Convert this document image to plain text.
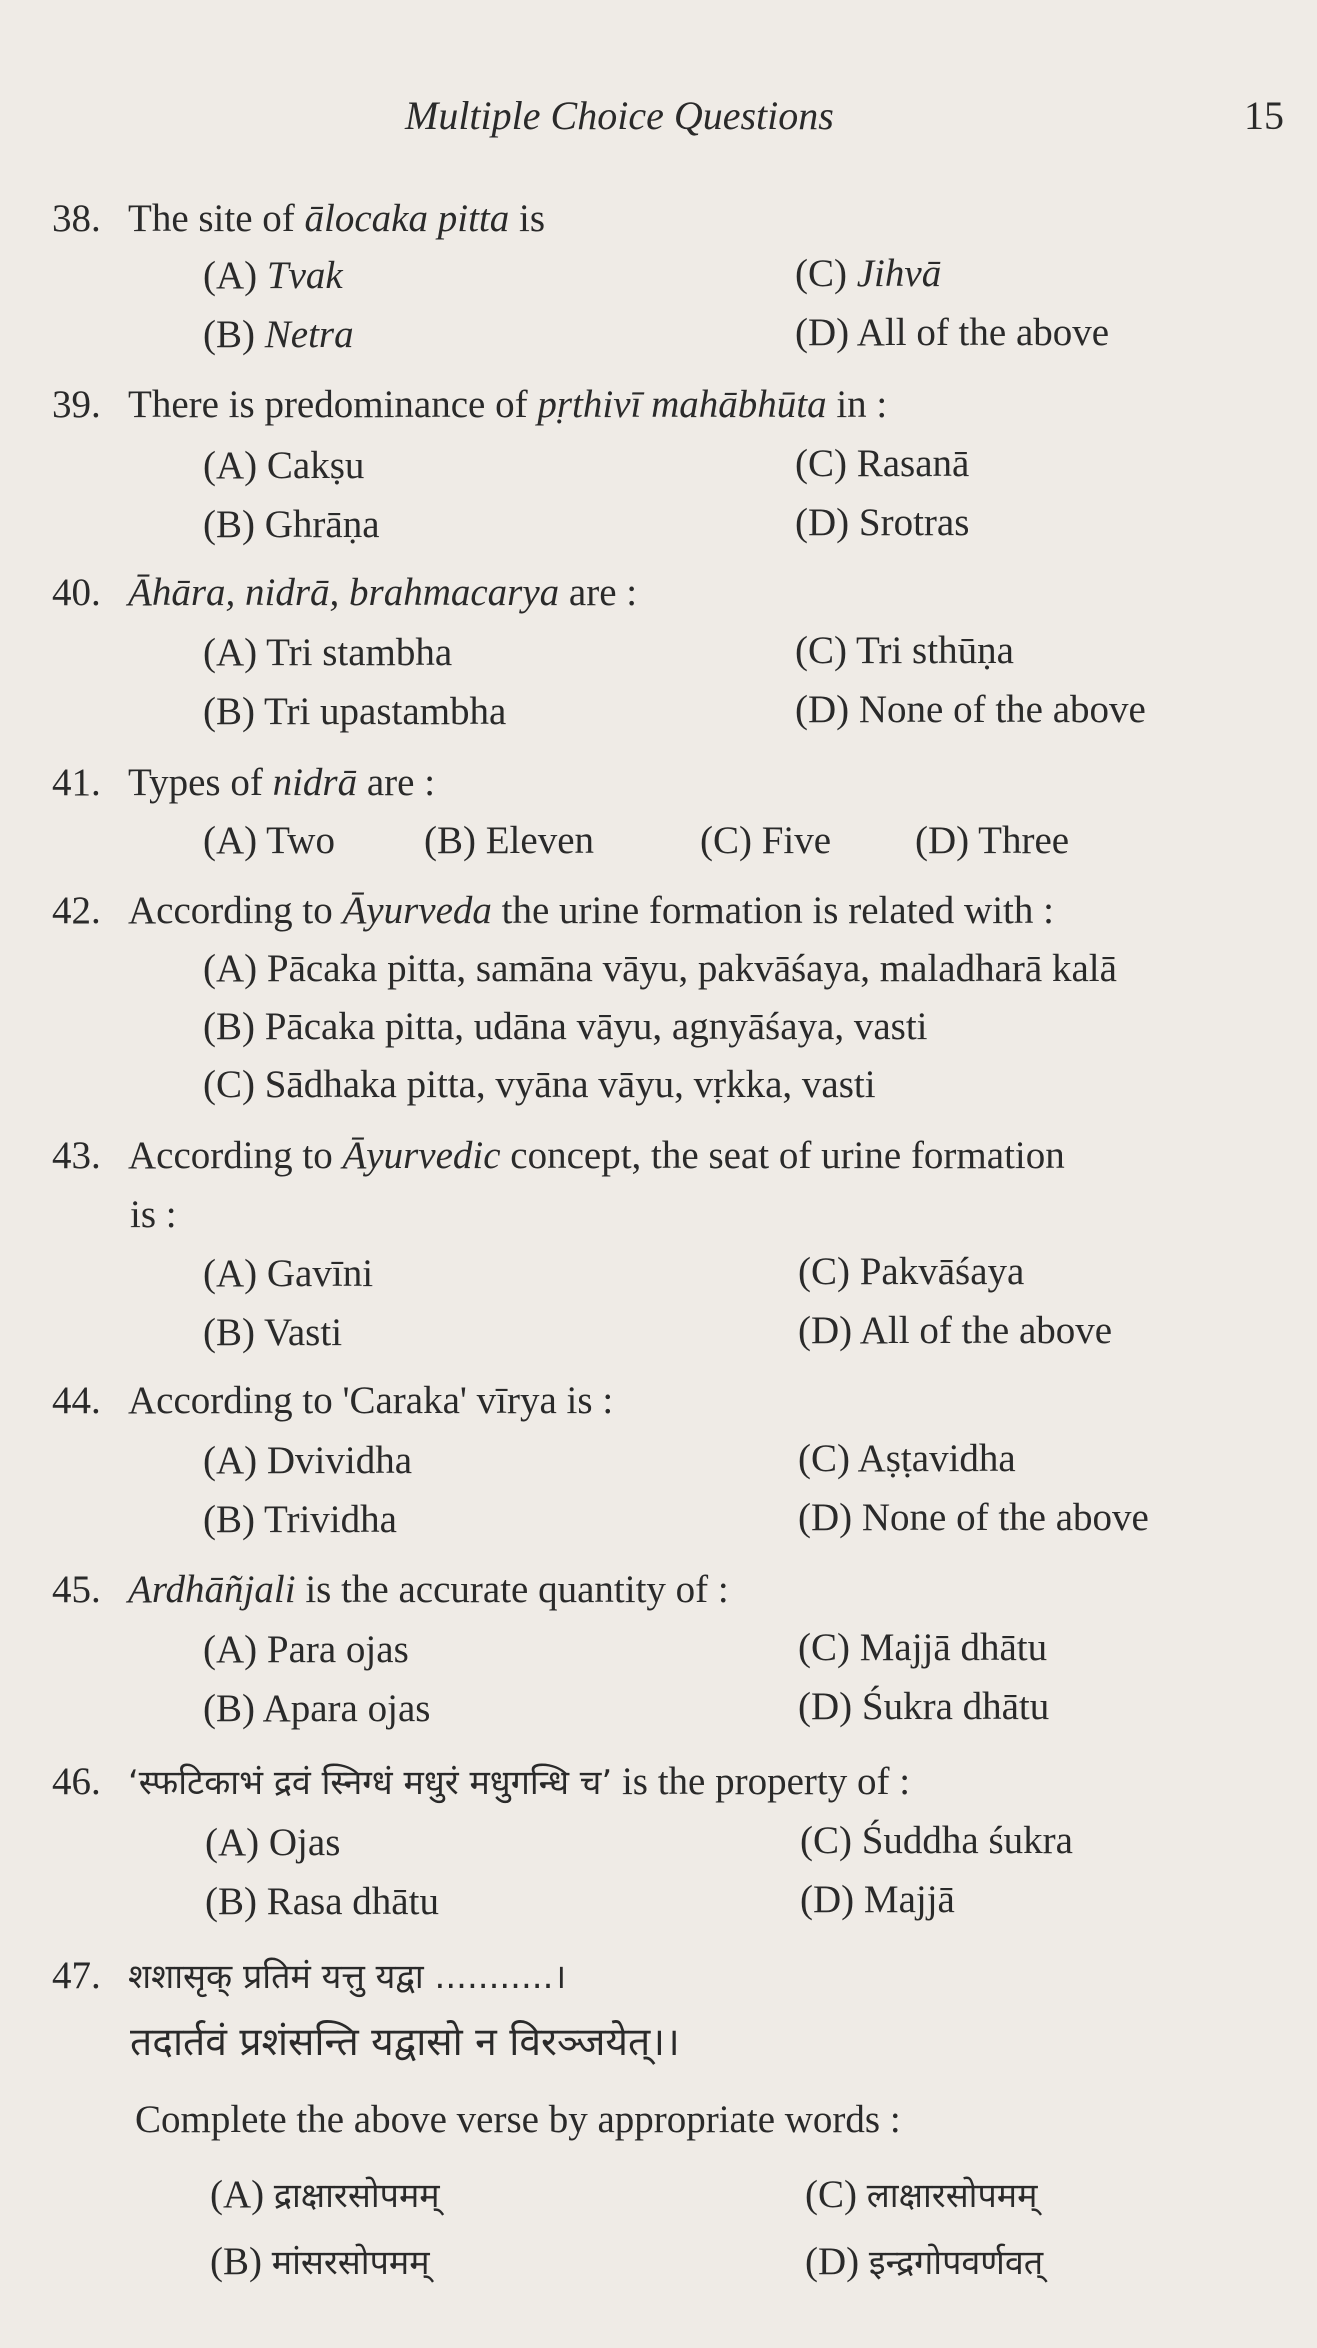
Multiple Choice Questions	15
38. The site of ālocaka pitta is
(A) Tvak	(C) Jihvā
(B) Netra	(D) All of the above
39. There is predominance of pṛthivī mahābhūta in :
(A) Cakṣu	(C) Rasanā
(B) Ghrāṇa	(D) Srotras
40. Āhāra, nidrā, brahmacarya are :
(A) Tri stambha	(C) Tri sthūṇa
(B) Tri upastambha	(D) None of the above
41. Types of nidrā are :
(A) Two (B) Eleven	(C) Five (D) Three
42. According to Āyurveda the urine formation is related with :
(A) Pācaka pitta, samāna vāyu, pakvāśaya, maladharā kalā
(B) Pācaka pitta, udāna vāyu, agnyāśaya, vasti
(C) Sādhaka pitta, vyāna vāyu, vṛkka, vasti
43. According to Āyurvedic concept, the seat of urine formation
is :
(A) Gavīni	(C) Pakvāśaya
(B) Vasti	(D) All of the above
44. According to 'Caraka' vīrya is :
(A) Dvividha	(C) Aṣṭavidha
(B) Trividha	(D) None of the above
45. Ardhāñjali is the accurate quantity of :
(A) Para ojas	(C) Majjā dhātu
(B) Apara ojas	(D) Śukra dhātu
46. ‘स्फटिकाभं द्रवं स्निग्धं मधुरं मधुगन्धि च’ is the property of :
(A) Ojas	(C) Śuddha śukra
(B) Rasa dhātu	(D) Majjā
47. शशासृक् प्रतिमं यत्तु यद्वा ...........।
तदार्तवं प्रशंसन्ति यद्वासो न विरञ्जयेत्।।
Complete the above verse by appropriate words :
(A) द्राक्षारसोपमम्	(C) लाक्षारसोपमम्
(B) मांसरसोपमम्	(D) इन्द्रगोपवर्णवत्
